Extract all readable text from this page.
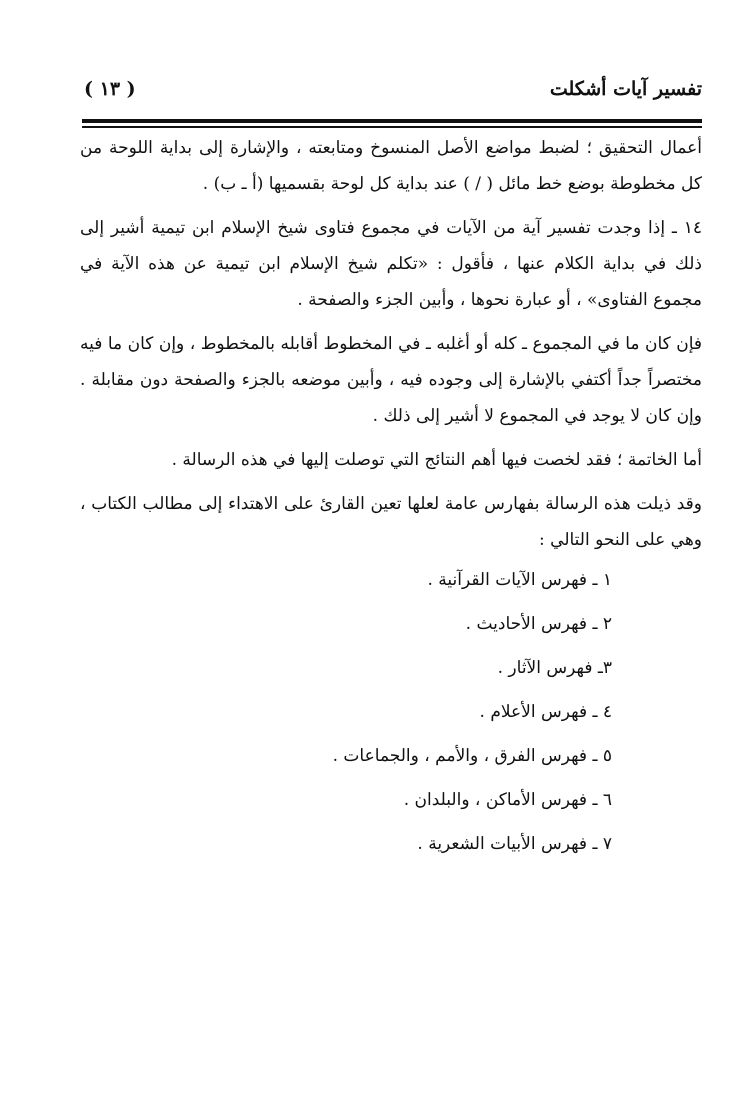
تفسير آيات أشكلت
( ١٣ )

أعمال التحقيق ؛ لضبط مواضع الأصل المنسوخ ومتابعته ، والإشارة إلى بداية اللوحة من كل مخطوطة بوضع خط مائل ( / ) عند بداية كل لوحة بقسميها (أ ـ ب) .

١٤ ـ إذا وجدت تفسير آية من الآيات في مجموع فتاوى شيخ الإسلام ابن تيمية أشير إلى ذلك في بداية الكلام عنها ، فأقول : «تكلم شيخ الإسلام ابن تيمية عن هذه الآية في مجموع الفتاوى» ، أو عبارة نحوها ، وأبين الجزء والصفحة .

فإن كان ما في المجموع ـ كله أو أغلبه ـ في المخطوط أقابله بالمخطوط ، وإن كان ما فيه مختصراً جداً أكتفي بالإشارة إلى وجوده فيه ، وأبين موضعه بالجزء والصفحة دون مقابلة . وإن كان لا يوجد في المجموع لا أشير إلى ذلك .

أما الخاتمة ؛ فقد لخصت فيها أهم النتائج التي توصلت إليها في هذه الرسالة .

وقد ذيلت هذه الرسالة بفهارس عامة لعلها تعين القارئ على الاهتداء إلى مطالب الكتاب ، وهي على النحو التالي :

١ ـ فهرس الآيات القرآنية .

٢ ـ فهرس الأحاديث .

٣ـ فهرس الآثار .

٤ ـ فهرس الأعلام .

٥ ـ فهرس الفرق ، والأمم ، والجماعات .

٦ ـ فهرس الأماكن ، والبلدان .

٧ ـ فهرس الأبيات الشعرية .
